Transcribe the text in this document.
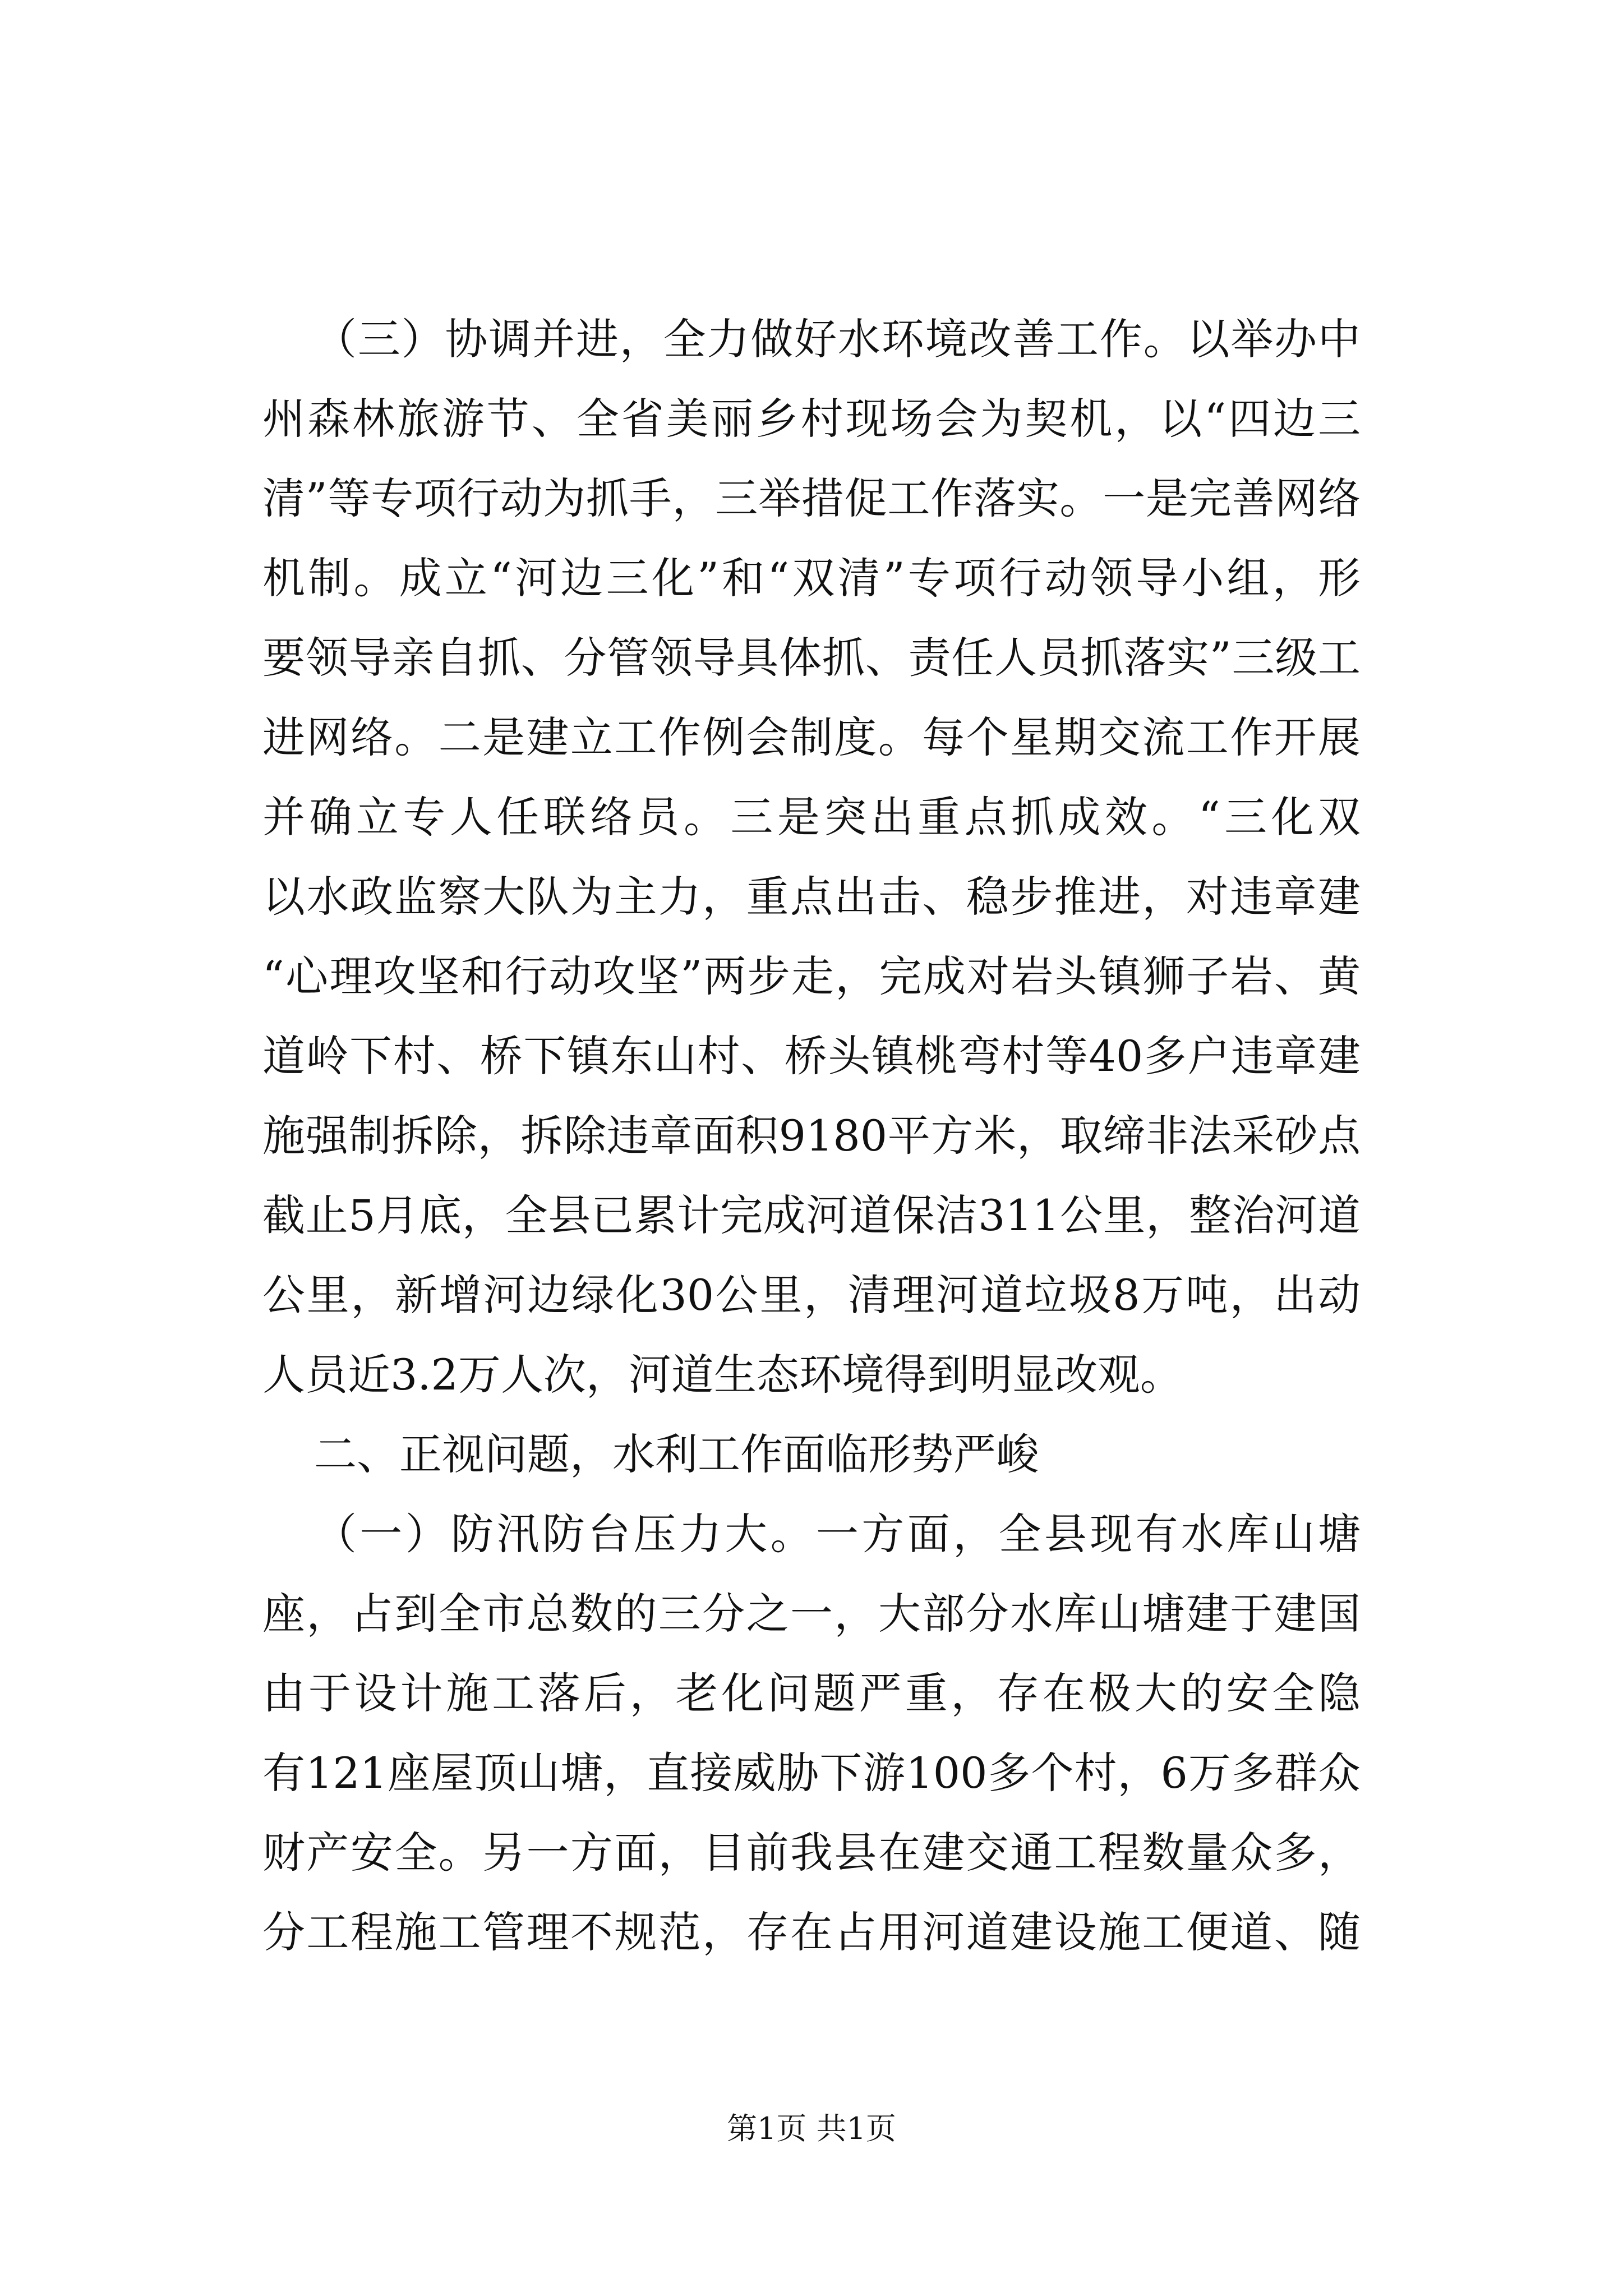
（三）协调并进，全力做好水环境改善工作。以举办中

州森林旅游节、全省美丽乡村现场会为契机，以“四边三

清”等专项行动为抓手，三举措促工作落实。一是完善网络

机制。成立“河边三化”和“双清”专项行动领导小组，形

要领导亲自抓、分管领导具体抓、责任人员抓落实”三级工

进网络。二是建立工作例会制度。每个星期交流工作开展

并确立专人任联络员。三是突出重点抓成效。“三化双

以水政监察大队为主力，重点出击、稳步推进，对违章建

“心理攻坚和行动攻坚”两步走，完成对岩头镇狮子岩、黄

道岭下村、桥下镇东山村、桥头镇桃弯村等40多户违章建

施强制拆除，拆除违章面积9180平方米，取缔非法采砂点

截止5月底，全县已累计完成河道保洁311公里，整治河道

公里，新增河边绿化30公里，清理河道垃圾8万吨，出动

人员近3.2万人次，河道生态环境得到明显改观。

二、正视问题，水利工作面临形势严峻

（一）防汛防台压力大。一方面，全县现有水库山塘

座，占到全市总数的三分之一，大部分水库山塘建于建国

由于设计施工落后，老化问题严重，存在极大的安全隐

有121座屋顶山塘，直接威胁下游100多个村，6万多群众

财产安全。另一方面，目前我县在建交通工程数量众多，

分工程施工管理不规范，存在占用河道建设施工便道、随

第1页 共1页
